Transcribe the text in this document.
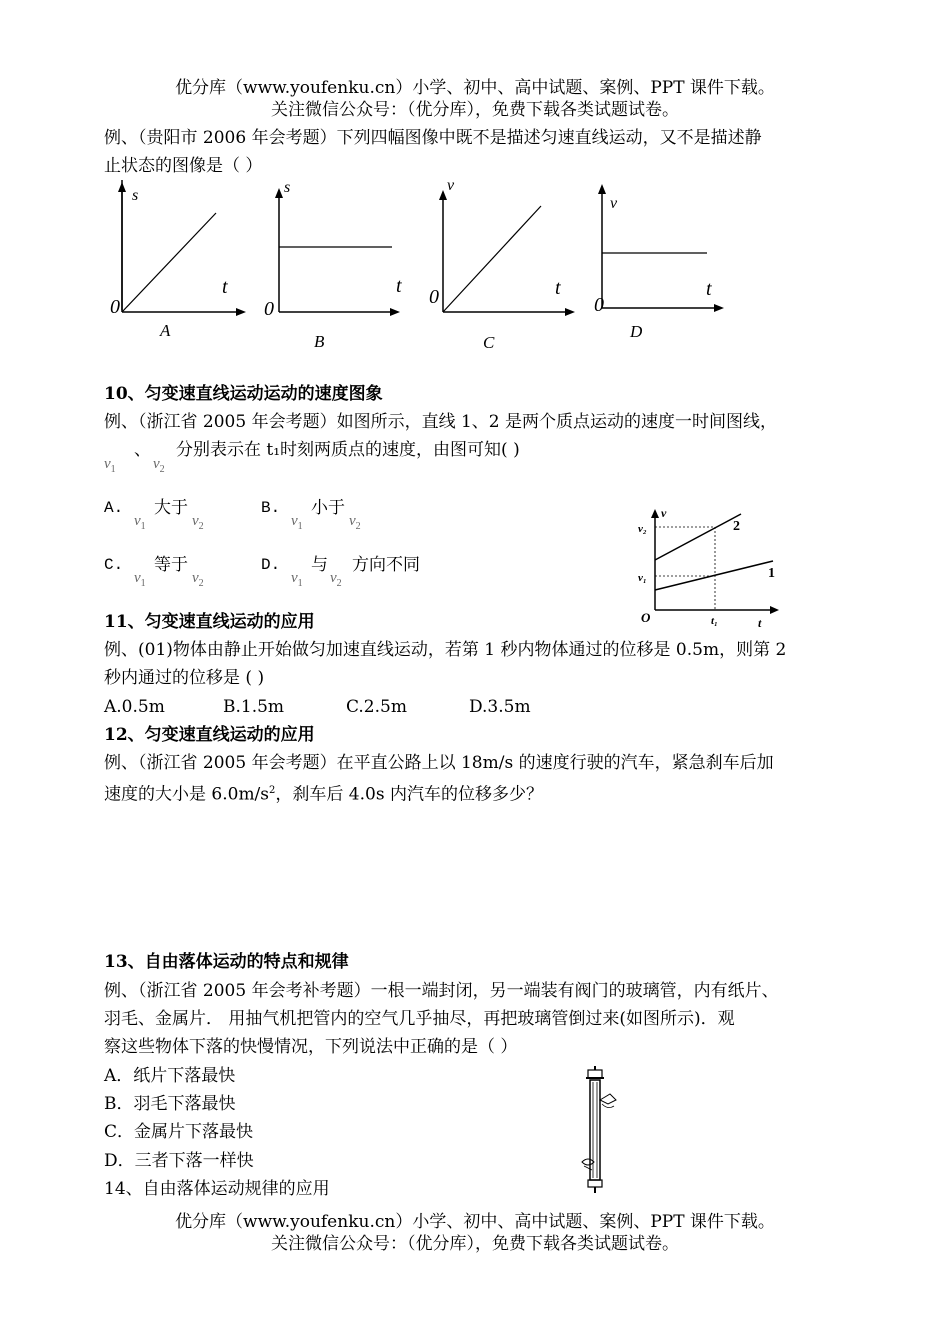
优分库（www.youfenku.cn）小学、初中、高中试题、案例、PPT 课件下载。
关注微信公众号：（优分库），免费下载各类试题试卷。
例、（贵阳市 2006 年会考题）下列四幅图像中既不是描述匀速直线运动，又不是描述静
止状态的图像是（ ）
s
t
0
A
s
t
0
B
v
t
0
C
v
t
0
D
10、匀变速直线运动运动的速度图象
例、（浙江省 2005 年会考题）如图所示，直线 1、2 是两个质点运动的速度一时间图线，
$v_1$
、
$v_2$
分别表示在 t₁时刻两质点的速度，由图可知( )
A.
$v_1$
大于
$v_2$
B.
$v_1$
小于
$v_2$
C.
$v_1$
等于
$v_2$
D.
$v_1$
与
$v_2$
方向不同
v
v₂
v₁
O	t₁	t
2
1
11、匀变速直线运动的应用
例、(01)物体由静止开始做匀加速直线运动，若第 1 秒内物体通过的位移是 0.5m，则第 2
秒内通过的位移是 ( )
A.0.5m	B.1.5m	C.2.5m	D.3.5m
12、匀变速直线运动的应用
例、（浙江省 2005 年会考题）在平直公路上以 18m/s 的速度行驶的汽车，紧急刹车后加
速度的大小是 $6.0m/s^2$，刹车后 4.0s 内汽车的位移多少？
13、自由落体运动的特点和规律
例、（浙江省 2005 年会考补考题）一根一端封闭，另一端装有阀门的玻璃管，内有纸片、
羽毛、金属片． 用抽气机把管内的空气几乎抽尽，再把玻璃管倒过来(如图所示)．观
察这些物体下落的快慢情况，下列说法中正确的是（ ）
A．纸片下落最快
B．羽毛下落最快
C．金属片下落最快
D．三者下落一样快
14、自由落体运动规律的应用
优分库（www.youfenku.cn）小学、初中、高中试题、案例、PPT 课件下载。
关注微信公众号：（优分库），免费下载各类试题试卷。
